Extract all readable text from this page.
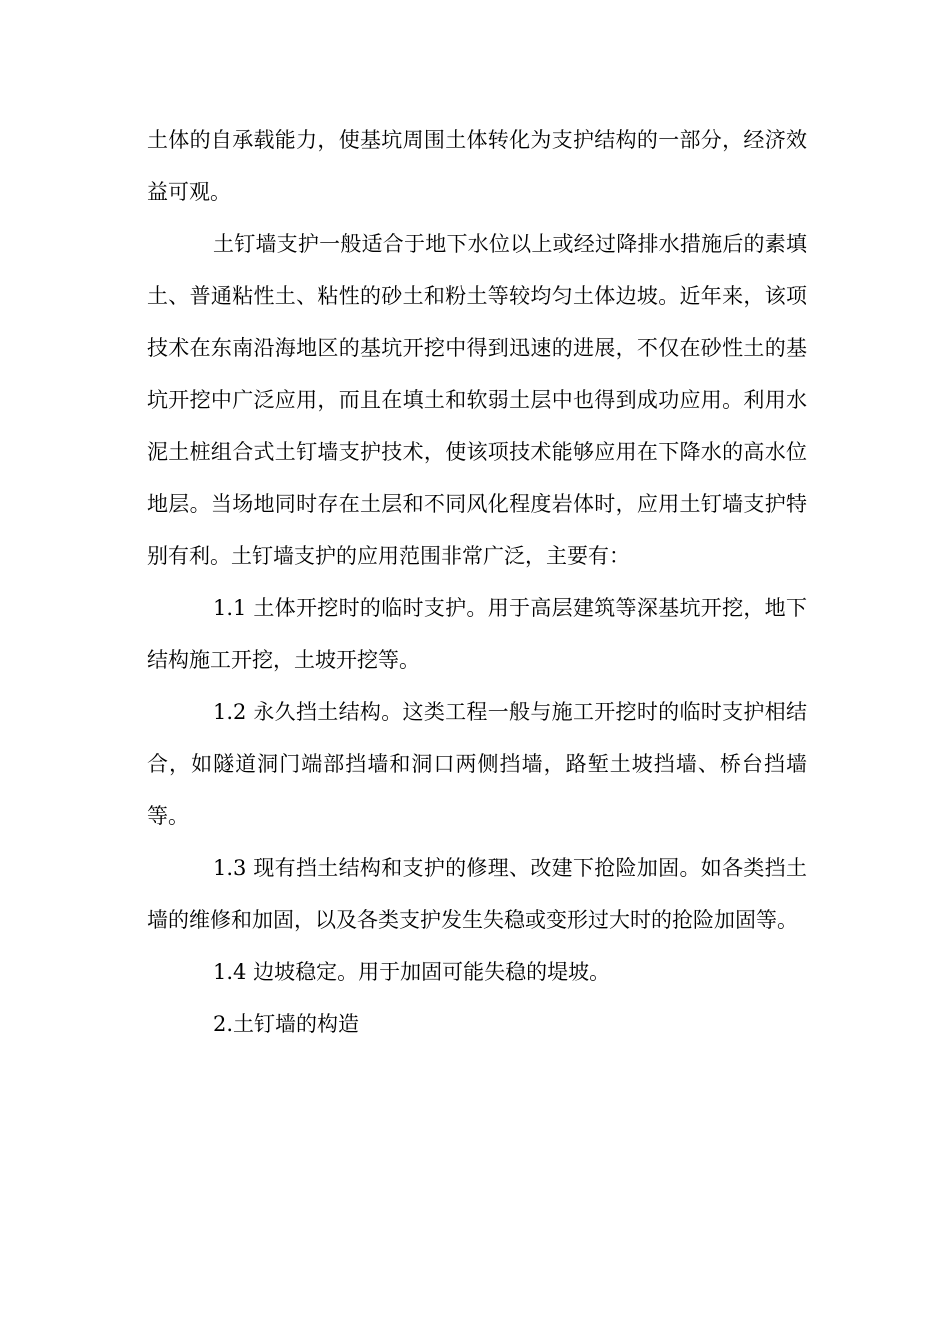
土体的自承载能力，使基坑周围土体转化为支护结构的一部分，经济效益可观。

土钉墙支护一般适合于地下水位以上或经过降排水措施后的素填土、普通粘性土、粘性的砂土和粉土等较均匀土体边坡。近年来，该项技术在东南沿海地区的基坑开挖中得到迅速的进展，不仅在砂性土的基坑开挖中广泛应用，而且在填土和软弱土层中也得到成功应用。利用水泥土桩组合式土钉墙支护技术，使该项技术能够应用在下降水的高水位地层。当场地同时存在土层和不同风化程度岩体时，应用土钉墙支护特别有利。土钉墙支护的应用范围非常广泛，主要有：

1.1 土体开挖时的临时支护。用于高层建筑等深基坑开挖，地下结构施工开挖，土坡开挖等。

1.2 永久挡土结构。这类工程一般与施工开挖时的临时支护相结合，如隧道洞门端部挡墙和洞口两侧挡墙，路堑土坡挡墙、桥台挡墙等。

1.3 现有挡土结构和支护的修理、改建下抢险加固。如各类挡土墙的维修和加固，以及各类支护发生失稳或变形过大时的抢险加固等。

1.4 边坡稳定。用于加固可能失稳的堤坡。

2.土钉墙的构造
